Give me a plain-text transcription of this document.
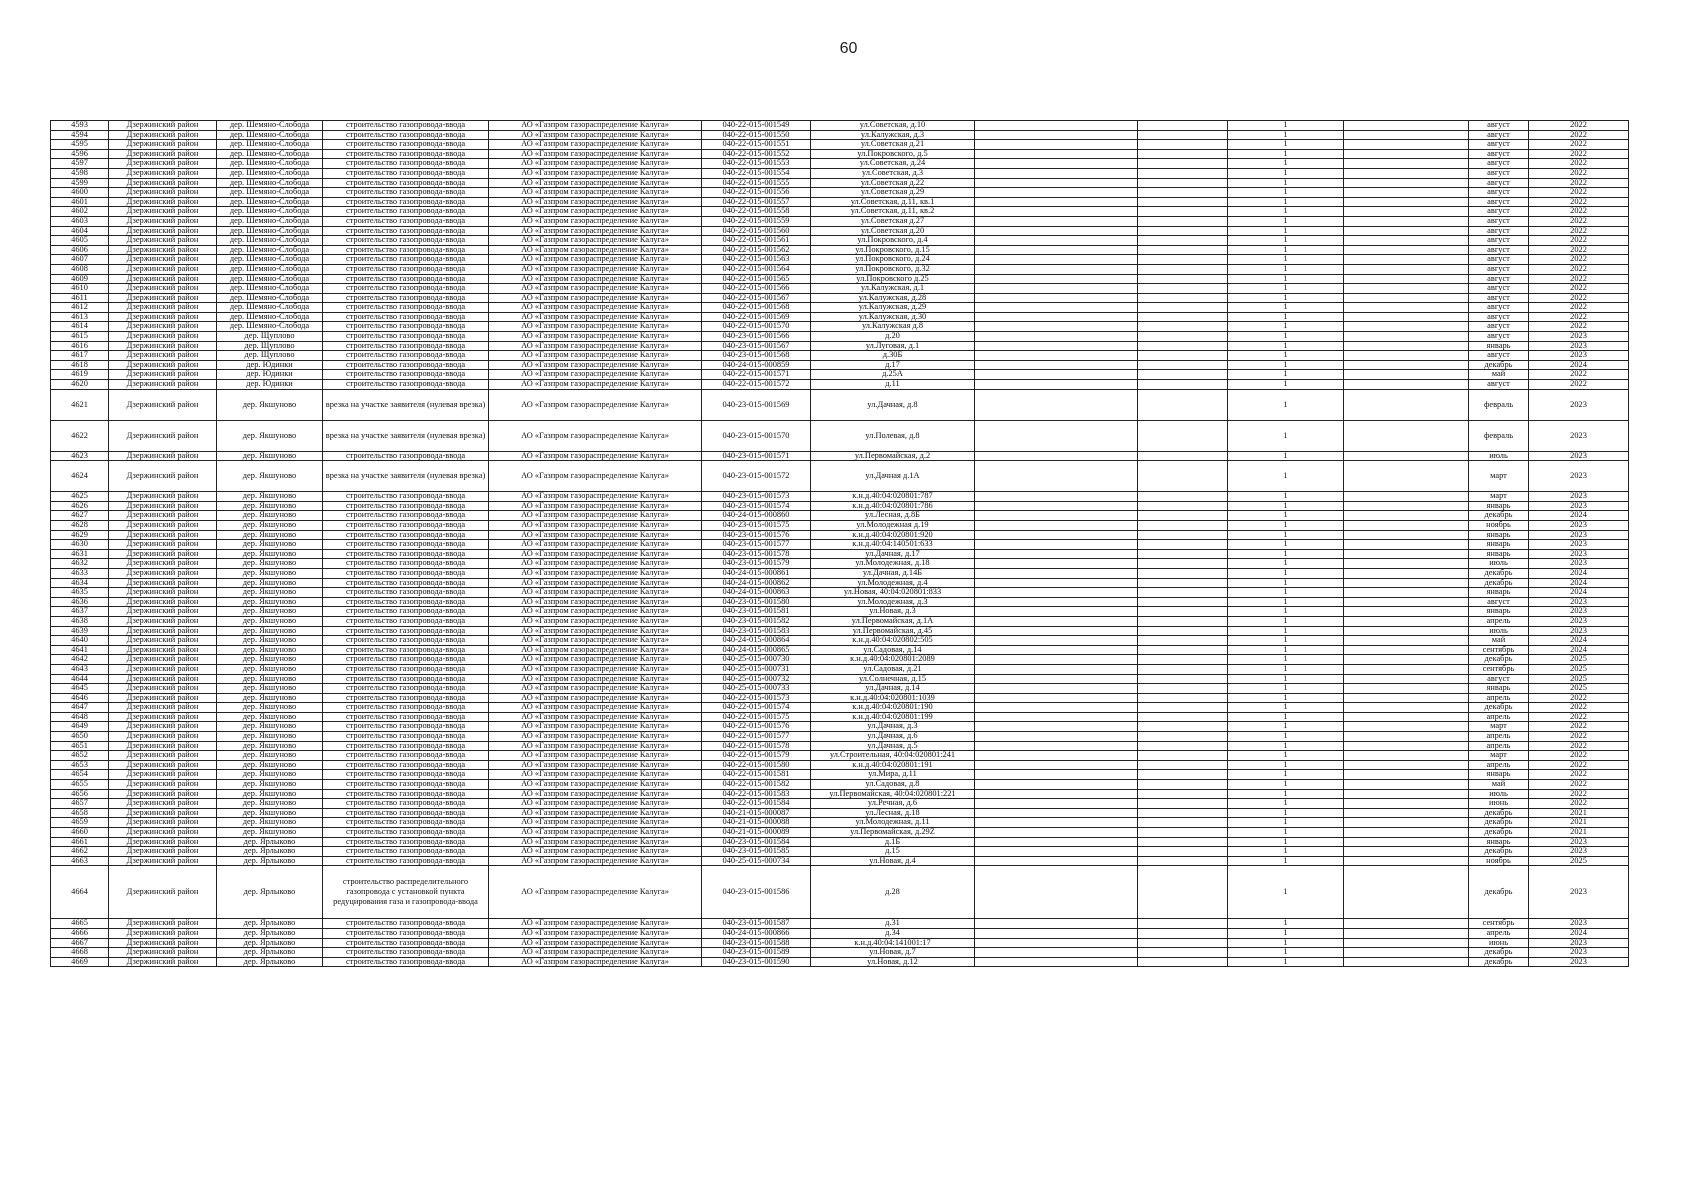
60
4593	Дзержинский район	дер. Шемяно-Слобода	строительство газопровода-ввода	АО «Газпром газораспределение Калуга»	040-22-015-001549	ул.Советская, д.10			1		август	2022
4594	Дзержинский район	дер. Шемяно-Слобода	строительство газопровода-ввода	АО «Газпром газораспределение Калуга»	040-22-015-001550	ул.Калужская, д.3			1		август	2022
4595	Дзержинский район	дер. Шемяно-Слобода	строительство газопровода-ввода	АО «Газпром газораспределение Калуга»	040-22-015-001551	ул.Советская д.21			1		август	2022
4596	Дзержинский район	дер. Шемяно-Слобода	строительство газопровода-ввода	АО «Газпром газораспределение Калуга»	040-22-015-001552	ул.Покровского, д.5			1		август	2022
4597	Дзержинский район	дер. Шемяно-Слобода	строительство газопровода-ввода	АО «Газпром газораспределение Калуга»	040-22-015-001553	ул.Советская, д.24			1		август	2022
4598	Дзержинский район	дер. Шемяно-Слобода	строительство газопровода-ввода	АО «Газпром газораспределение Калуга»	040-22-015-001554	ул.Советская, д.3			1		август	2022
4599	Дзержинский район	дер. Шемяно-Слобода	строительство газопровода-ввода	АО «Газпром газораспределение Калуга»	040-22-015-001555	ул.Советская д.22			1		август	2022
4600	Дзержинский район	дер. Шемяно-Слобода	строительство газопровода-ввода	АО «Газпром газораспределение Калуга»	040-22-015-001556	ул.Советская д.29			1		август	2022
4601	Дзержинский район	дер. Шемяно-Слобода	строительство газопровода-ввода	АО «Газпром газораспределение Калуга»	040-22-015-001557	ул.Советская, д.11, кв.1			1		август	2022
4602	Дзержинский район	дер. Шемяно-Слобода	строительство газопровода-ввода	АО «Газпром газораспределение Калуга»	040-22-015-001558	ул.Советская, д.11, кв.2			1		август	2022
4603	Дзержинский район	дер. Шемяно-Слобода	строительство газопровода-ввода	АО «Газпром газораспределение Калуга»	040-22-015-001559	ул.Советская д.27			1		август	2022
4604	Дзержинский район	дер. Шемяно-Слобода	строительство газопровода-ввода	АО «Газпром газораспределение Калуга»	040-22-015-001560	ул.Советская д.20			1		август	2022
4605	Дзержинский район	дер. Шемяно-Слобода	строительство газопровода-ввода	АО «Газпром газораспределение Калуга»	040-22-015-001561	ул.Покровского, д.4			1		август	2022
4606	Дзержинский район	дер. Шемяно-Слобода	строительство газопровода-ввода	АО «Газпром газораспределение Калуга»	040-22-015-001562	ул.Покровского, д.15			1		август	2022
4607	Дзержинский район	дер. Шемяно-Слобода	строительство газопровода-ввода	АО «Газпром газораспределение Калуга»	040-22-015-001563	ул.Покровского, д.24			1		август	2022
4608	Дзержинский район	дер. Шемяно-Слобода	строительство газопровода-ввода	АО «Газпром газораспределение Калуга»	040-22-015-001564	ул.Покровского, д.32			1		август	2022
4609	Дзержинский район	дер. Шемяно-Слобода	строительство газопровода-ввода	АО «Газпром газораспределение Калуга»	040-22-015-001565	ул.Покровского д.25			1		август	2022
4610	Дзержинский район	дер. Шемяно-Слобода	строительство газопровода-ввода	АО «Газпром газораспределение Калуга»	040-22-015-001566	ул.Калужская, д.1			1		август	2022
4611	Дзержинский район	дер. Шемяно-Слобода	строительство газопровода-ввода	АО «Газпром газораспределение Калуга»	040-22-015-001567	ул.Калужская, д.28			1		август	2022
4612	Дзержинский район	дер. Шемяно-Слобода	строительство газопровода-ввода	АО «Газпром газораспределение Калуга»	040-22-015-001568	ул.Калужская, д.29			1		август	2022
4613	Дзержинский район	дер. Шемяно-Слобода	строительство газопровода-ввода	АО «Газпром газораспределение Калуга»	040-22-015-001569	ул.Калужская, д.30			1		август	2022
4614	Дзержинский район	дер. Шемяно-Слобода	строительство газопровода-ввода	АО «Газпром газораспределение Калуга»	040-22-015-001570	ул.Калужская д.8			1		август	2022
4615	Дзержинский район	дер. Щуплово	строительство газопровода-ввода	АО «Газпром газораспределение Калуга»	040-23-015-001566	д.20			1		август	2023
4616	Дзержинский район	дер. Щуплово	строительство газопровода-ввода	АО «Газпром газораспределение Калуга»	040-23-015-001567	ул.Луговая, д.1			1		январь	2023
4617	Дзержинский район	дер. Щуплово	строительство газопровода-ввода	АО «Газпром газораспределение Калуга»	040-23-015-001568	д.30Б			1		август	2023
4618	Дзержинский район	дер. Юдинки	строительство газопровода-ввода	АО «Газпром газораспределение Калуга»	040-24-015-000859	д.17			1		декабрь	2024
4619	Дзержинский район	дер. Юдинки	строительство газопровода-ввода	АО «Газпром газораспределение Калуга»	040-22-015-001571	д.25А			1		май	2022
4620	Дзержинский район	дер. Юдинки	строительство газопровода-ввода	АО «Газпром газораспределение Калуга»	040-22-015-001572	д.11			1		август	2022
4621	Дзержинский район	дер. Якшуново	врезка на участке заявителя (нулевая врезка)	АО «Газпром газораспределение Калуга»	040-23-015-001569	ул.Дачная, д.8			1		февраль	2023
4622	Дзержинский район	дер. Якшуново	врезка на участке заявителя (нулевая врезка)	АО «Газпром газораспределение Калуга»	040-23-015-001570	ул.Полевая, д.8			1		февраль	2023
4623	Дзержинский район	дер. Якшуново	строительство газопровода-ввода	АО «Газпром газораспределение Калуга»	040-23-015-001571	ул.Первомайская, д.2			1		июль	2023
4624	Дзержинский район	дер. Якшуново	врезка на участке заявителя (нулевая врезка)	АО «Газпром газораспределение Калуга»	040-23-015-001572	ул.Дачная д.1А			1		март	2023
4625	Дзержинский район	дер. Якшуново	строительство газопровода-ввода	АО «Газпром газораспределение Калуга»	040-23-015-001573	к.н.д.40:04:020801:787			1		март	2023
4626	Дзержинский район	дер. Якшуново	строительство газопровода-ввода	АО «Газпром газораспределение Калуга»	040-23-015-001574	к.н.д.40:04:020801:786			1		январь	2023
4627	Дзержинский район	дер. Якшуново	строительство газопровода-ввода	АО «Газпром газораспределение Калуга»	040-24-015-000860	ул.Лесная, д.8Б			1		декабрь	2024
4628	Дзержинский район	дер. Якшуново	строительство газопровода-ввода	АО «Газпром газораспределение Калуга»	040-23-015-001575	ул.Молодежная д.19			1		ноябрь	2023
4629	Дзержинский район	дер. Якшуново	строительство газопровода-ввода	АО «Газпром газораспределение Калуга»	040-23-015-001576	к.н.д.40:04:020801:920			1		январь	2023
4630	Дзержинский район	дер. Якшуново	строительство газопровода-ввода	АО «Газпром газораспределение Калуга»	040-23-015-001577	к.н.д.40:04:140501:633			1		январь	2023
4631	Дзержинский район	дер. Якшуново	строительство газопровода-ввода	АО «Газпром газораспределение Калуга»	040-23-015-001578	ул.Дачная, д.17			1		январь	2023
4632	Дзержинский район	дер. Якшуново	строительство газопровода-ввода	АО «Газпром газораспределение Калуга»	040-23-015-001579	ул.Молодежная, д.18			1		июль	2023
4633	Дзержинский район	дер. Якшуново	строительство газопровода-ввода	АО «Газпром газораспределение Калуга»	040-24-015-000861	ул.Дачная, д.14Б			1		декабрь	2024
4634	Дзержинский район	дер. Якшуново	строительство газопровода-ввода	АО «Газпром газораспределение Калуга»	040-24-015-000862	ул.Молодежная, д.4			1		декабрь	2024
4635	Дзержинский район	дер. Якшуново	строительство газопровода-ввода	АО «Газпром газораспределение Калуга»	040-24-015-000863	ул.Новая, 40:04:020801:833			1		январь	2024
4636	Дзержинский район	дер. Якшуново	строительство газопровода-ввода	АО «Газпром газораспределение Калуга»	040-23-015-001580	ул.Молодежная, д.3			1		август	2023
4637	Дзержинский район	дер. Якшуново	строительство газопровода-ввода	АО «Газпром газораспределение Калуга»	040-23-015-001581	ул.Новая, д.3			1		январь	2023
4638	Дзержинский район	дер. Якшуново	строительство газопровода-ввода	АО «Газпром газораспределение Калуга»	040-23-015-001582	ул.Первомайская, д.1А			1		апрель	2023
4639	Дзержинский район	дер. Якшуново	строительство газопровода-ввода	АО «Газпром газораспределение Калуга»	040-23-015-001583	ул.Первомайская, д.45			1		июль	2023
4640	Дзержинский район	дер. Якшуново	строительство газопровода-ввода	АО «Газпром газораспределение Калуга»	040-24-015-000864	к.н.д.40:04:020802:505			1		май	2024
4641	Дзержинский район	дер. Якшуново	строительство газопровода-ввода	АО «Газпром газораспределение Калуга»	040-24-015-000865	ул.Садовая, д.14			1		сентябрь	2024
4642	Дзержинский район	дер. Якшуново	строительство газопровода-ввода	АО «Газпром газораспределение Калуга»	040-25-015-000730	к.н.д.40:04:020801:2089			1		декабрь	2025
4643	Дзержинский район	дер. Якшуново	строительство газопровода-ввода	АО «Газпром газораспределение Калуга»	040-25-015-000731	ул.Садовая, д.21			1		сентябрь	2025
4644	Дзержинский район	дер. Якшуново	строительство газопровода-ввода	АО «Газпром газораспределение Калуга»	040-25-015-000732	ул.Солнечная, д.15			1		август	2025
4645	Дзержинский район	дер. Якшуново	строительство газопровода-ввода	АО «Газпром газораспределение Калуга»	040-25-015-000733	ул.Дачная, д.14			1		январь	2025
4646	Дзержинский район	дер. Якшуново	строительство газопровода-ввода	АО «Газпром газораспределение Калуга»	040-22-015-001573	к.н.д.40:04:020801:1039			1		апрель	2022
4647	Дзержинский район	дер. Якшуново	строительство газопровода-ввода	АО «Газпром газораспределение Калуга»	040-22-015-001574	к.н.д.40:04:020801:190			1		декабрь	2022
4648	Дзержинский район	дер. Якшуново	строительство газопровода-ввода	АО «Газпром газораспределение Калуга»	040-22-015-001575	к.н.д.40:04:020801:199			1		апрель	2022
4649	Дзержинский район	дер. Якшуново	строительство газопровода-ввода	АО «Газпром газораспределение Калуга»	040-22-015-001576	ул.Дачная, д.3			1		март	2022
4650	Дзержинский район	дер. Якшуново	строительство газопровода-ввода	АО «Газпром газораспределение Калуга»	040-22-015-001577	ул.Дачная, д.6			1		апрель	2022
4651	Дзержинский район	дер. Якшуново	строительство газопровода-ввода	АО «Газпром газораспределение Калуга»	040-22-015-001578	ул.Дачная, д.5			1		апрель	2022
4652	Дзержинский район	дер. Якшуново	строительство газопровода-ввода	АО «Газпром газораспределение Калуга»	040-22-015-001579	ул.Строительная, 40:04:020801:241			1		март	2022
4653	Дзержинский район	дер. Якшуново	строительство газопровода-ввода	АО «Газпром газораспределение Калуга»	040-22-015-001580	к.н.д.40:04:020801:191			1		апрель	2022
4654	Дзержинский район	дер. Якшуново	строительство газопровода-ввода	АО «Газпром газораспределение Калуга»	040-22-015-001581	ул.Мира, д.11			1		январь	2022
4655	Дзержинский район	дер. Якшуново	строительство газопровода-ввода	АО «Газпром газораспределение Калуга»	040-22-015-001582	ул.Садовая, д.8			1		май	2022
4656	Дзержинский район	дер. Якшуново	строительство газопровода-ввода	АО «Газпром газораспределение Калуга»	040-22-015-001583	ул.Первомайская, 40:04:020801:221			1		июль	2022
4657	Дзержинский район	дер. Якшуново	строительство газопровода-ввода	АО «Газпром газораспределение Калуга»	040-22-015-001584	ул.Речная, д.6			1		июнь	2022
4658	Дзержинский район	дер. Якшуново	строительство газопровода-ввода	АО «Газпром газораспределение Калуга»	040-21-015-000087	ул.Лесная, д.18			1		декабрь	2021
4659	Дзержинский район	дер. Якшуново	строительство газопровода-ввода	АО «Газпром газораспределение Калуга»	040-21-015-000088	ул.Молодежная, д.11			1		декабрь	2021
4660	Дзержинский район	дер. Якшуново	строительство газопровода-ввода	АО «Газпром газораспределение Калуга»	040-21-015-000089	ул.Первомайская, д.29Z			1		декабрь	2021
4661	Дзержинский район	дер. Ярлыково	строительство газопровода-ввода	АО «Газпром газораспределение Калуга»	040-23-015-001584	д.1Б			1		январь	2023
4662	Дзержинский район	дер. Ярлыково	строительство газопровода-ввода	АО «Газпром газораспределение Калуга»	040-23-015-001585	д.15			1		декабрь	2023
4663	Дзержинский район	дер. Ярлыково	строительство газопровода-ввода	АО «Газпром газораспределение Калуга»	040-25-015-000734	ул.Новая, д.4			1		ноябрь	2025
4664	Дзержинский район	дер. Ярлыково	строительство распределительного газопровода с установкой пункта редуцирования газа и газопровода-ввода	АО «Газпром газораспределение Калуга»	040-23-015-001586	д.28			1		декабрь	2023
4665	Дзержинский район	дер. Ярлыково	строительство газопровода-ввода	АО «Газпром газораспределение Калуга»	040-23-015-001587	д.31			1		сентябрь	2023
4666	Дзержинский район	дер. Ярлыково	строительство газопровода-ввода	АО «Газпром газораспределение Калуга»	040-24-015-000866	д.34			1		апрель	2024
4667	Дзержинский район	дер. Ярлыково	строительство газопровода-ввода	АО «Газпром газораспределение Калуга»	040-23-015-001588	к.н.д.40:04:141001:17			1		июнь	2023
4668	Дзержинский район	дер. Ярлыково	строительство газопровода-ввода	АО «Газпром газораспределение Калуга»	040-23-015-001589	ул.Новая, д.7			1		декабрь	2023
4669	Дзержинский район	дер. Ярлыково	строительство газопровода-ввода	АО «Газпром газораспределение Калуга»	040-23-015-001590	ул.Новая, д.12			1		декабрь	2023
